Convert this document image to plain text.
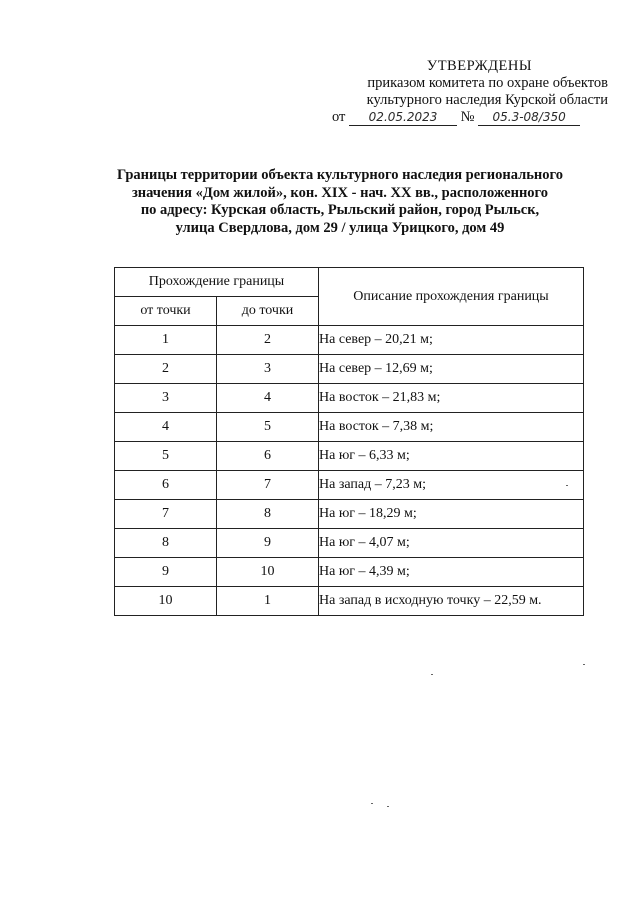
УТВЕРЖДЕНЫ
приказом комитета по охране объектов
культурного наследия Курской области
от 02.05.2023 № 05.3-08/350
Границы территории объекта культурного наследия регионального
значения «Дом жилой», кон. XIX - нач. XX вв., расположенного
по адресу: Курская область, Рыльский район, город Рыльск,
улица Свердлова, дом 29 / улица Урицкого, дом 49
Прохождение границы		Описание прохождения границы
от точки	до точки	
1	2	На север – 20,21 м;
2	3	На север – 12,69 м;
3	4	На восток – 21,83 м;
4	5	На восток – 7,38 м;
5	6	На юг – 6,33 м;
6	7	На запад – 7,23 м;
7	8	На юг – 18,29 м;
8	9	На юг – 4,07 м;
9	10	На юг – 4,39 м;
10	1	На запад в исходную точку – 22,59 м.
